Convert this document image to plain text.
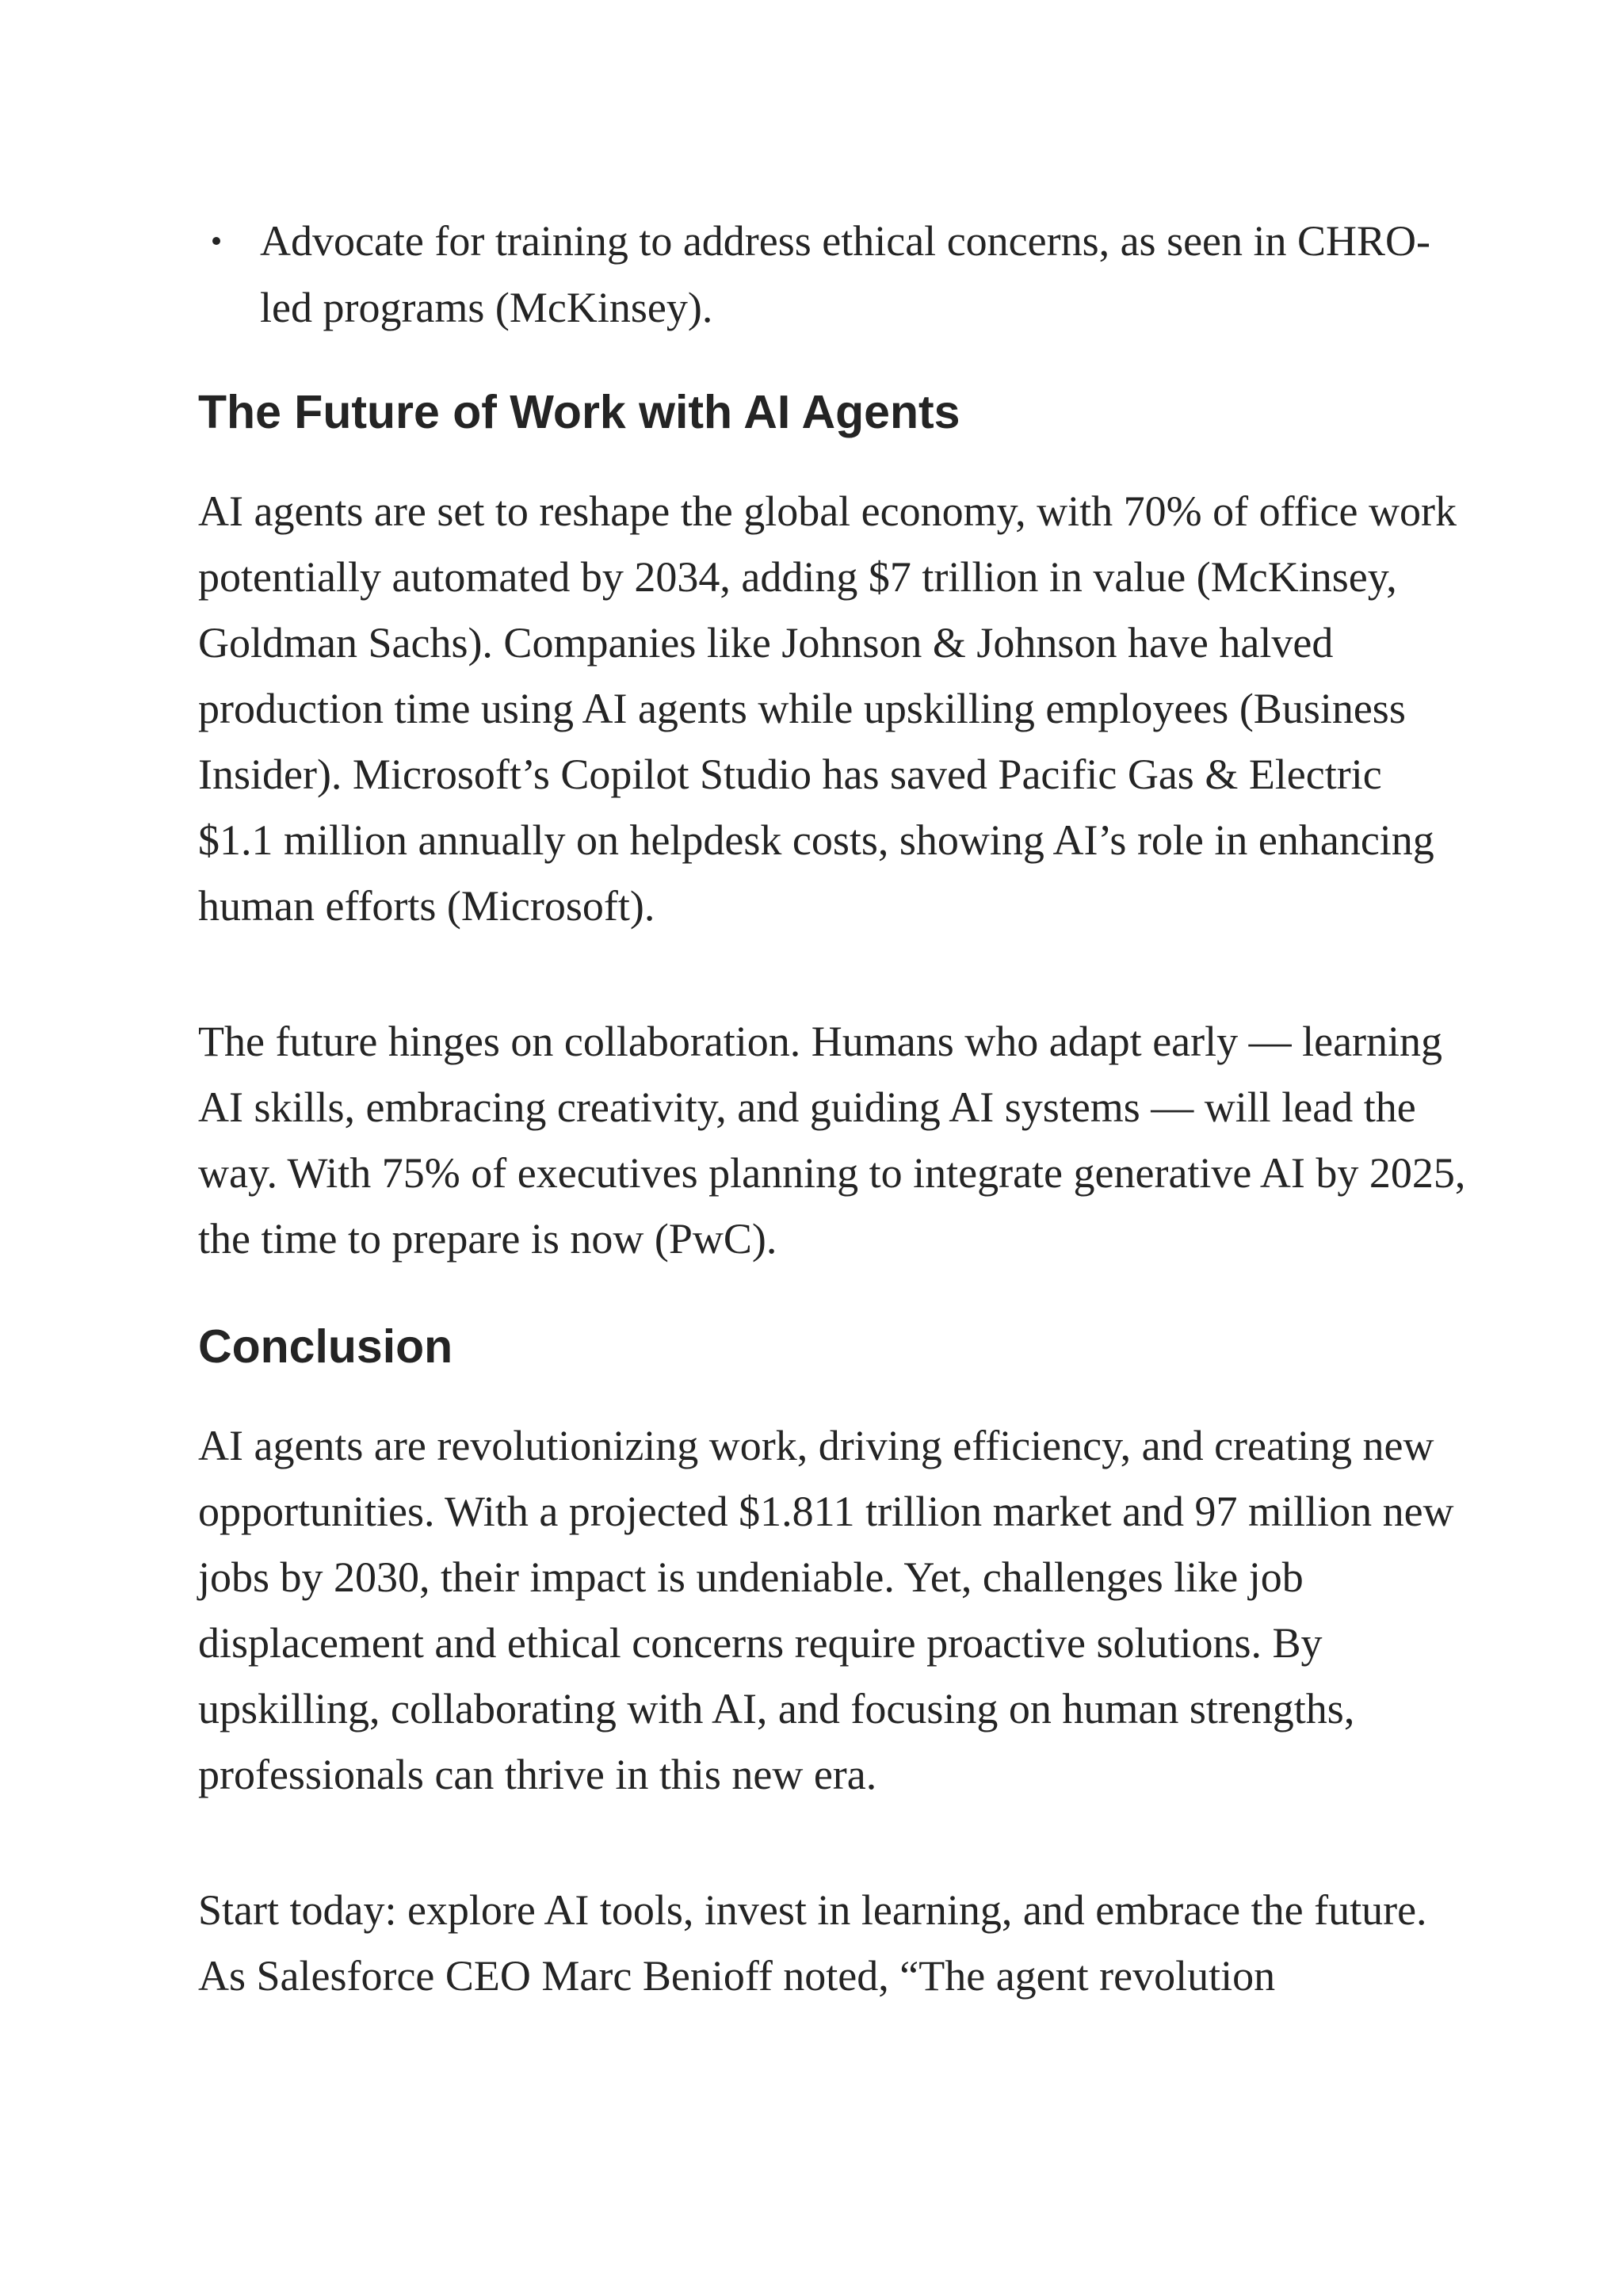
Advocate for training to address ethical concerns, as seen in CHRO-led programs (McKinsey).
The Future of Work with AI Agents

AI agents are set to reshape the global economy, with 70% of office work potentially automated by 2034, adding $7 trillion in value (McKinsey, Goldman Sachs). Companies like Johnson & Johnson have halved production time using AI agents while upskilling employees (Business Insider). Microsoft’s Copilot Studio has saved Pacific Gas & Electric $1.1 million annually on helpdesk costs, showing AI’s role in enhancing human efforts (Microsoft).

The future hinges on collaboration. Humans who adapt early — learning AI skills, embracing creativity, and guiding AI systems — will lead the way. With 75% of executives planning to integrate generative AI by 2025, the time to prepare is now (PwC).

Conclusion

AI agents are revolutionizing work, driving efficiency, and creating new opportunities. With a projected $1.811 trillion market and 97 million new jobs by 2030, their impact is undeniable. Yet, challenges like job displacement and ethical concerns require proactive solutions. By upskilling, collaborating with AI, and focusing on human strengths, professionals can thrive in this new era.

Start today: explore AI tools, invest in learning, and embrace the future. As Salesforce CEO Marc Benioff noted, “The agent revolution
